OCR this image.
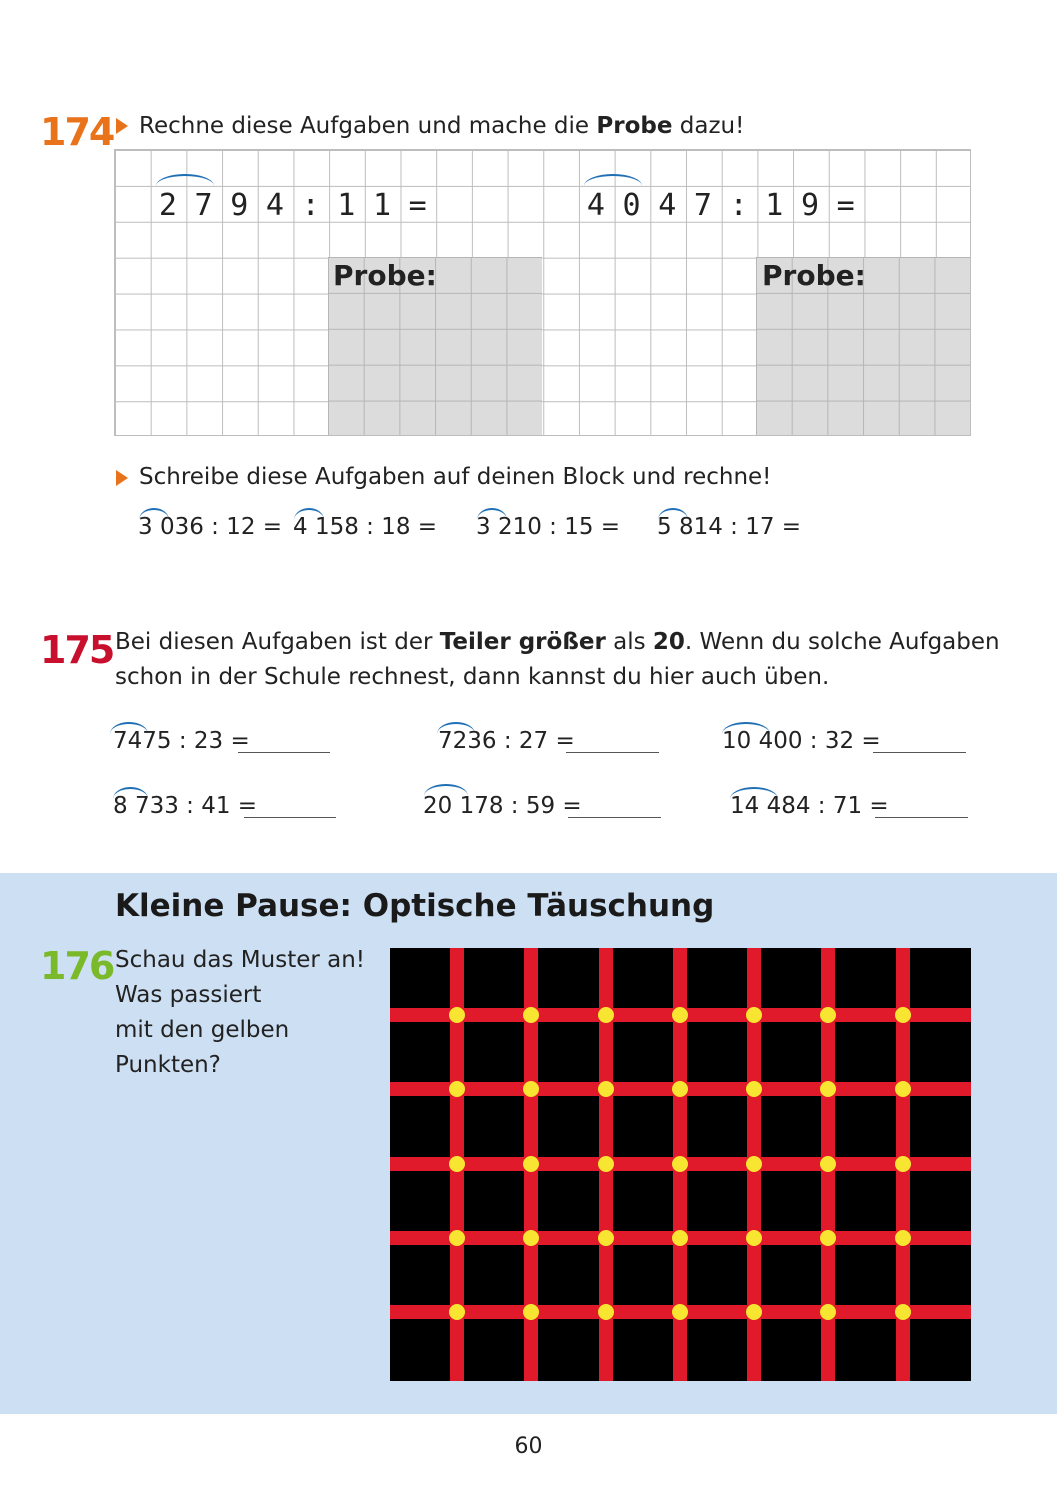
174 Rechne diese Aufgaben und mache die Probe dazu!
2 7 9 4 : 1 1 =	4 0 4 7 : 1 9 =
Probe:	Probe:
Schreibe diese Aufgaben auf deinen Block und rechne!
3 036 : 12 = 4 158 : 18 = 3 210 : 15 = 5 814 : 17 =
175 Bei diesen Aufgaben ist der Teiler größer als 20. Wenn du solche Aufgaben
schon in der Schule rechnest, dann kannst du hier auch üben.
7475 : 23 =	7236 : 27 =	10 400 : 32 =
8 733 : 41 =	20 178 : 59 =	14 484 : 71 =
Kleine Pause: Optische Täuschung
176 Schau das Muster an!
Was passiert
mit den gelben
Punkten?
60
